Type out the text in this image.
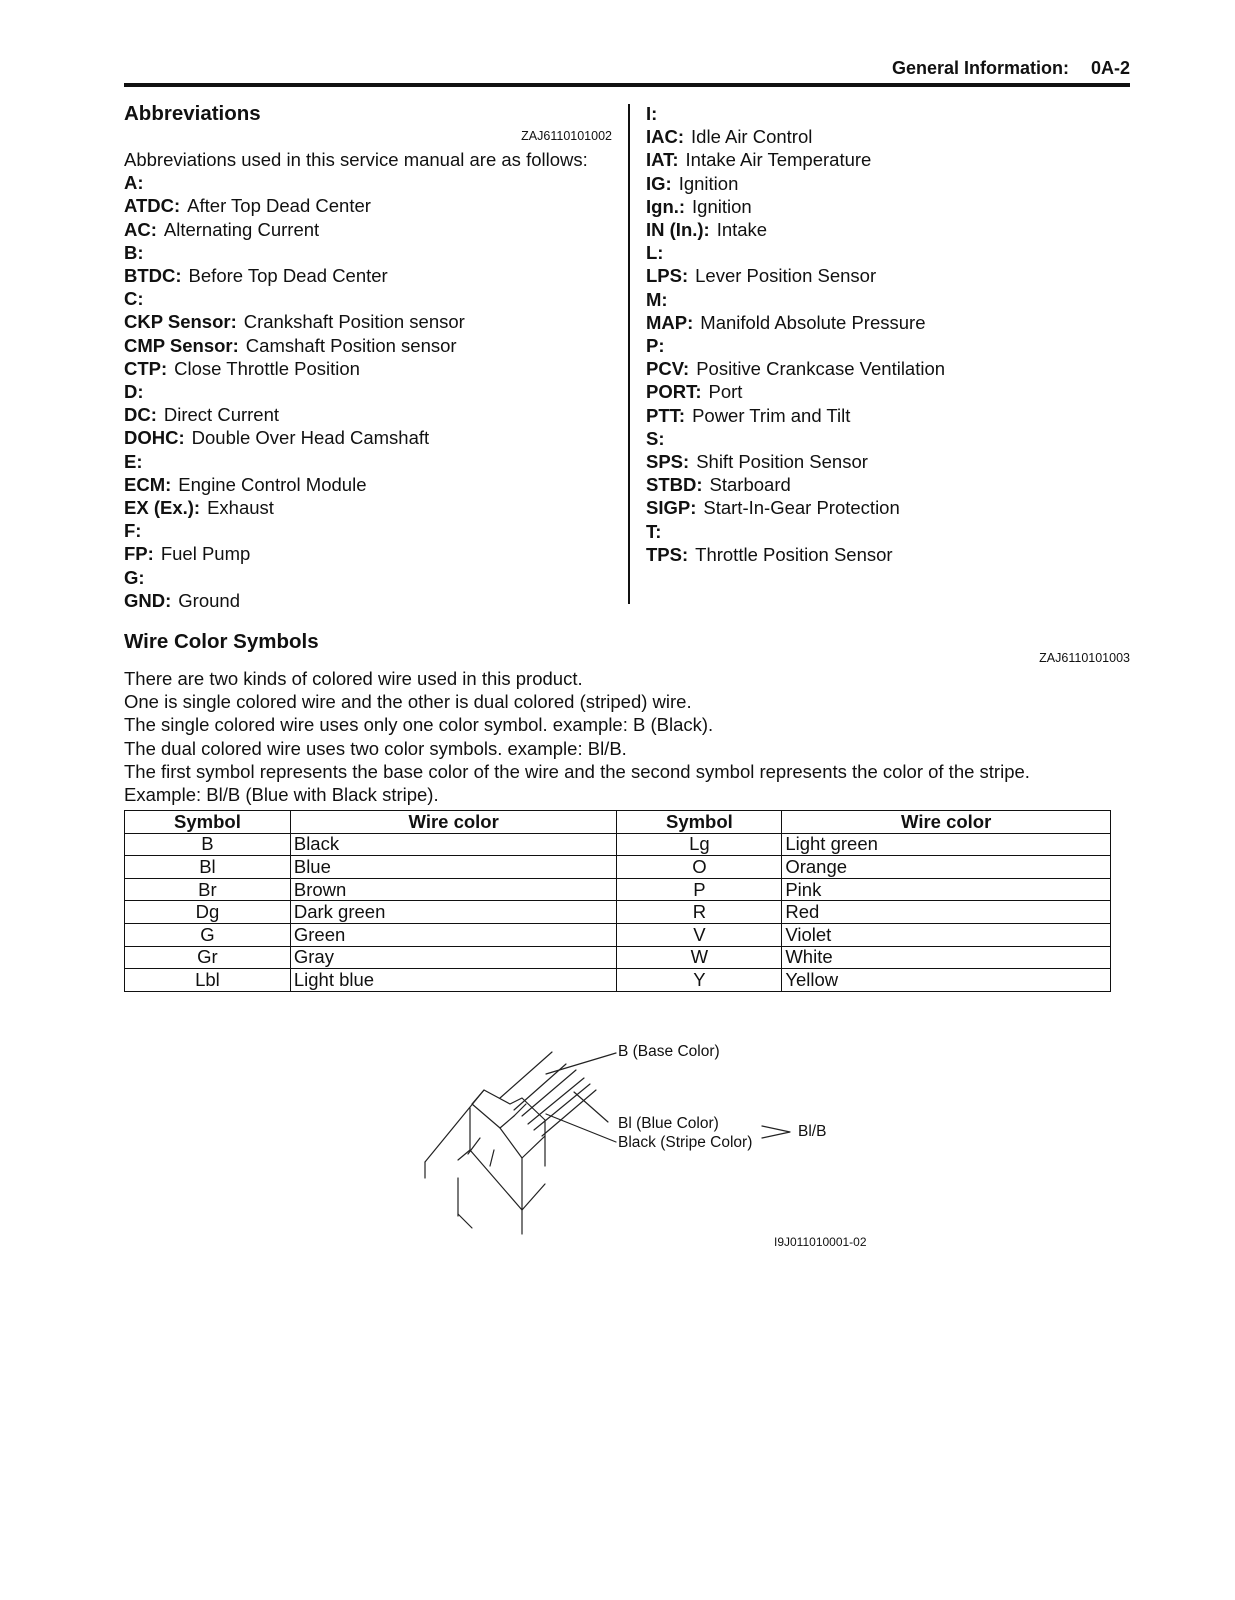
General Information: 0A-2
Abbreviations
ZAJ6110101002
Abbreviations used in this service manual are as follows:
A:
ATDC: After Top Dead Center
AC: Alternating Current
B:
BTDC: Before Top Dead Center
C:
CKP Sensor: Crankshaft Position sensor
CMP Sensor: Camshaft Position sensor
CTP: Close Throttle Position
D:
DC: Direct Current
DOHC: Double Over Head Camshaft
E:
ECM: Engine Control Module
EX (Ex.): Exhaust
F:
FP: Fuel Pump
G:
GND: Ground
I:
IAC: Idle Air Control
IAT: Intake Air Temperature
IG: Ignition
Ign.: Ignition
IN (In.): Intake
L:
LPS: Lever Position Sensor
M:
MAP: Manifold Absolute Pressure
P:
PCV: Positive Crankcase Ventilation
PORT: Port
PTT: Power Trim and Tilt
S:
SPS: Shift Position Sensor
STBD: Starboard
SIGP: Start-In-Gear Protection
T:
TPS: Throttle Position Sensor
Wire Color Symbols
ZAJ6110101003
There are two kinds of colored wire used in this product.
One is single colored wire and the other is dual colored (striped) wire.
The single colored wire uses only one color symbol. example: B (Black).
The dual colored wire uses two color symbols. example: Bl/B.
The first symbol represents the base color of the wire and the second symbol represents the color of the stripe.
Example: Bl/B (Blue with Black stripe).
Symbol	Wire color	Symbol	Wire color
B	Black	Lg	Light green
Bl	Blue	O	Orange
Br	Brown	P	Pink
Dg	Dark green	R	Red
G	Green	V	Violet
Gr	Gray	W	White
Lbl	Light blue	Y	Yellow
B (Base Color)
Bl (Blue Color)
Black (Stripe Color)
Bl/B
I9J011010001-02
